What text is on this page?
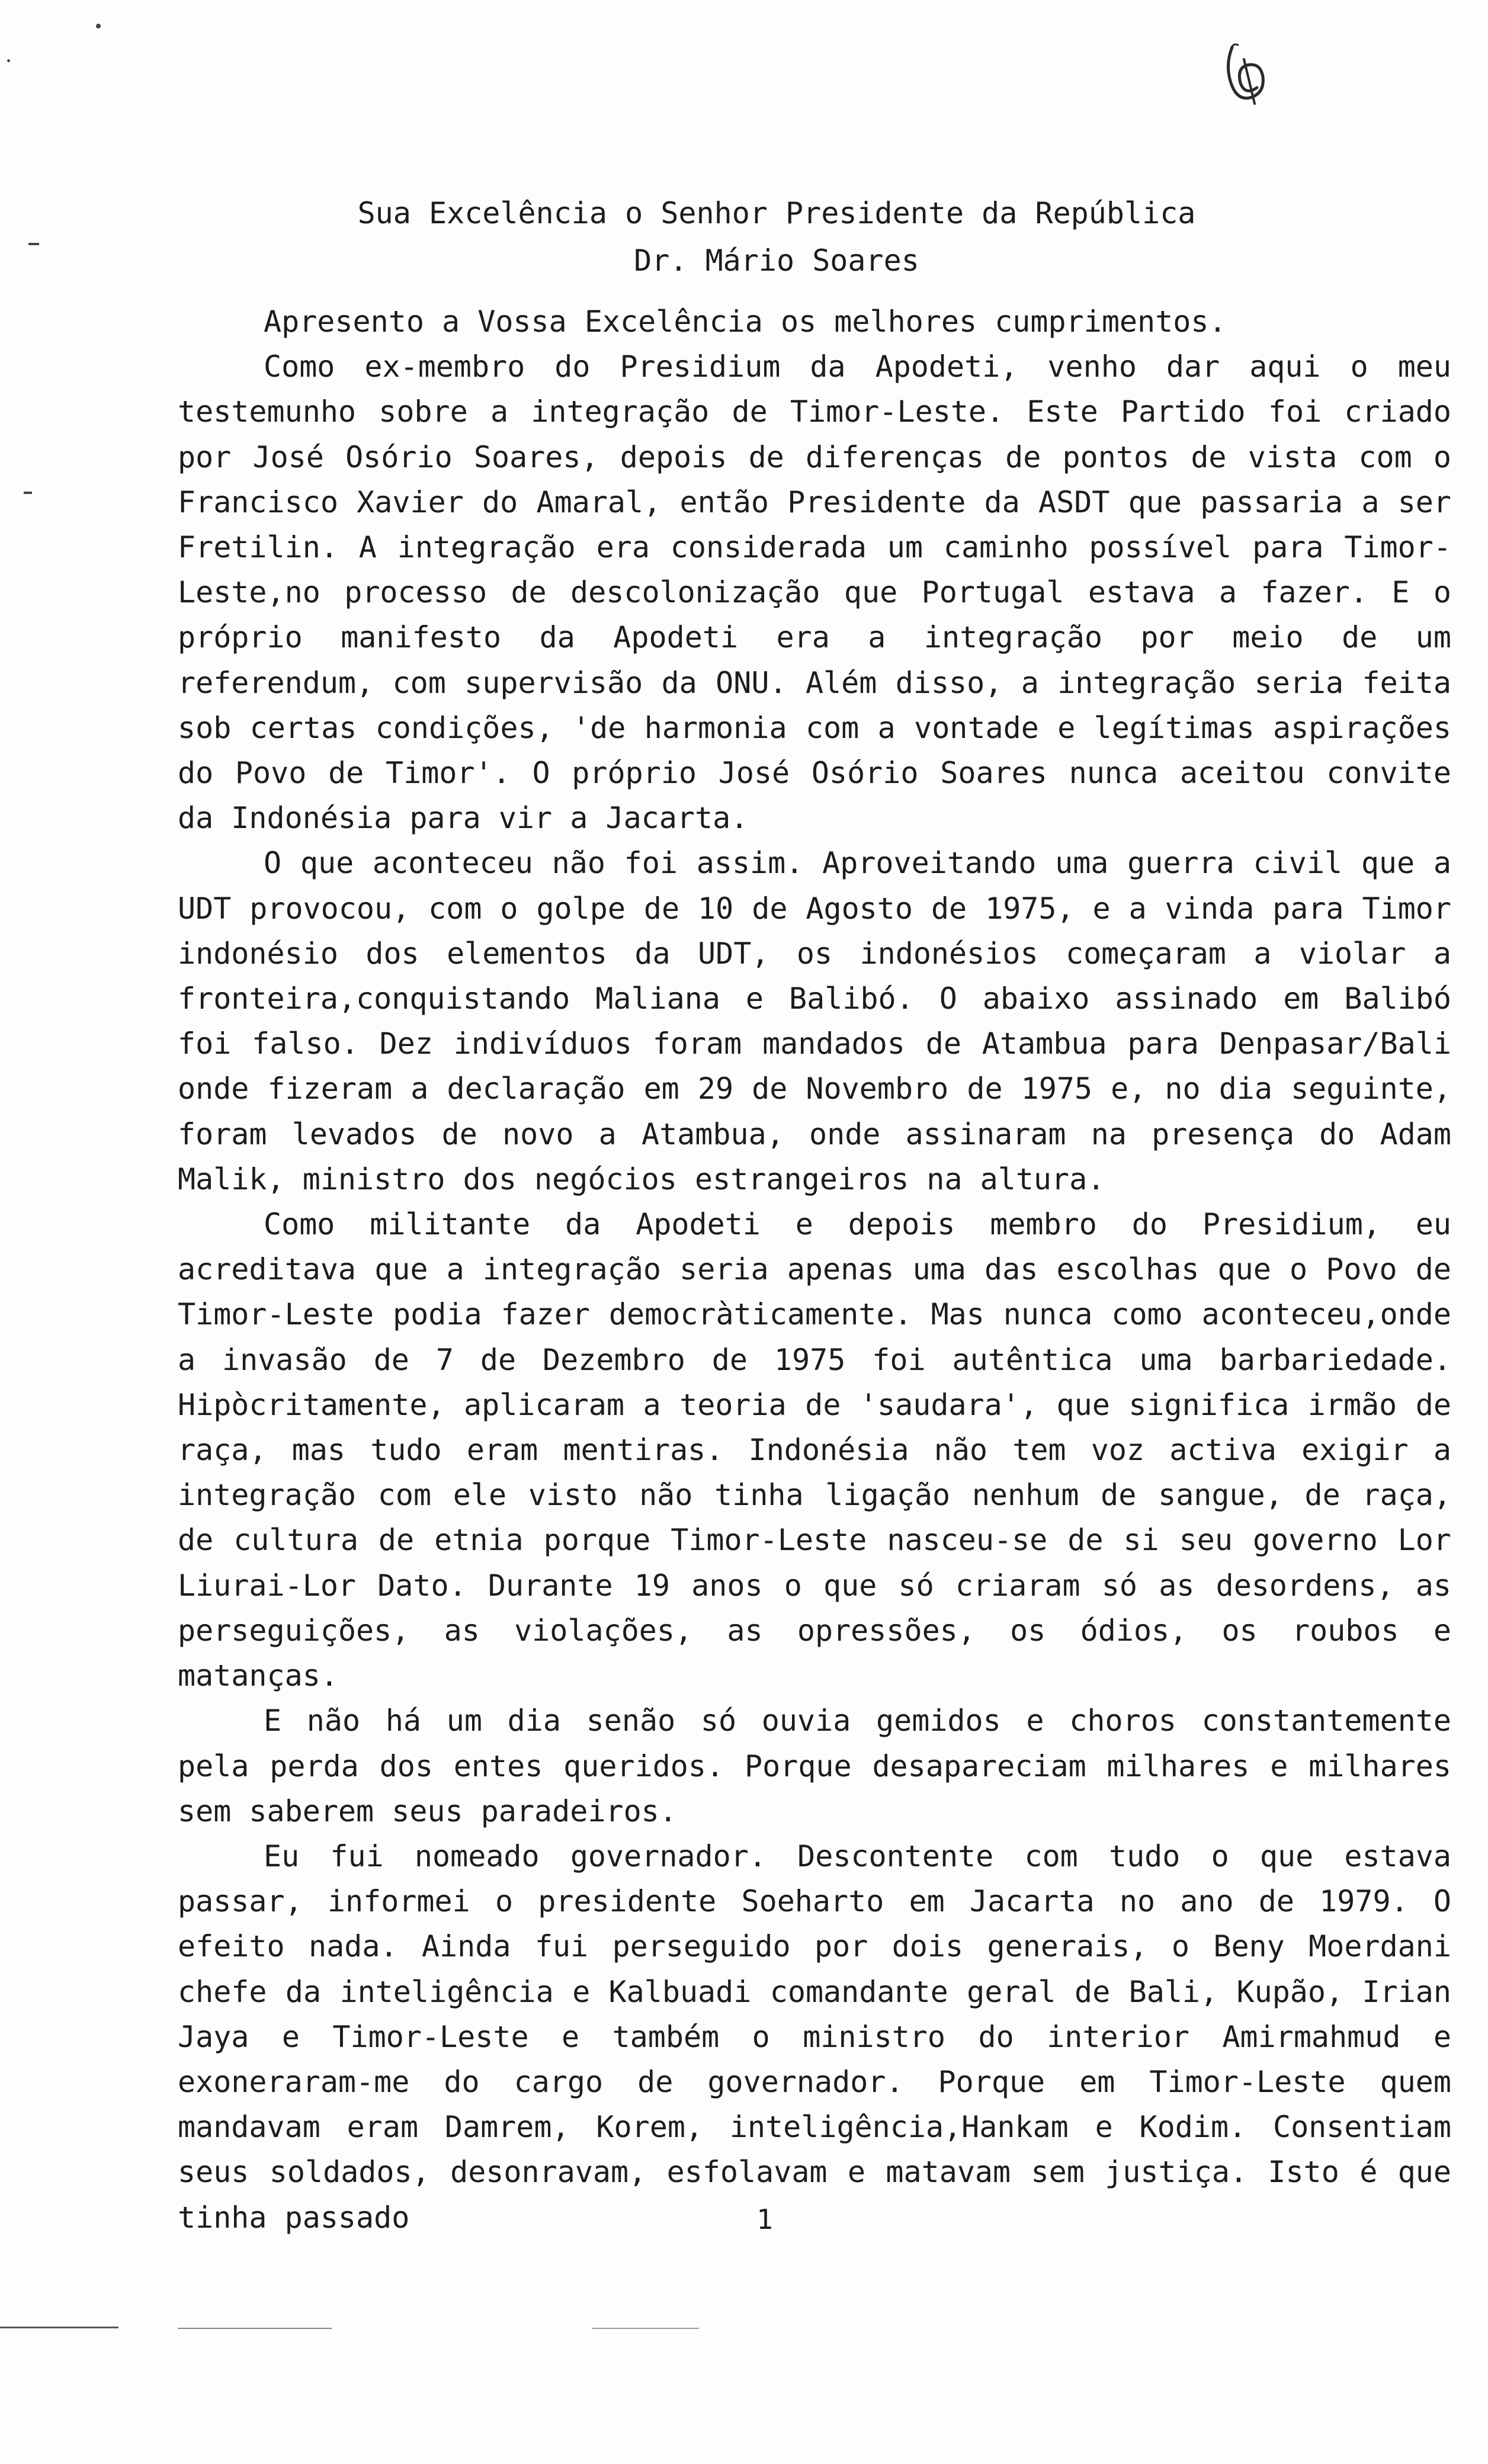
Sua Excelência o Senhor Presidente da República
Dr. Mário Soares

Apresento a Vossa Excelência os melhores cumprimentos.

Como ex-membro do Presidium da Apodeti, venho dar aqui o meu testemunho sobre a integração de Timor-Leste. Este Partido foi criado por José Osório Soares, depois de diferenças de pontos de vista com o Francisco Xavier do Amaral, então Presidente da ASDT que passaria a ser Fretilin. A integração era considerada um caminho possível para Timor-Leste,no processo de descolonização que Portugal estava a fazer. E o próprio manifesto da Apodeti era a integração por meio de um referendum, com supervisão da ONU. Além disso, a integração seria feita sob certas condições, 'de harmonia com a vontade e legítimas aspirações do Povo de Timor'. O próprio José Osório Soares nunca aceitou convite da Indonésia para vir a Jacarta.

O que aconteceu não foi assim. Aproveitando uma guerra civil que a UDT provocou, com o golpe de 10 de Agosto de 1975, e a vinda para Timor indonésio dos elementos da UDT, os indonésios começaram a violar a fronteira,conquistando Maliana e Balibó. O abaixo assinado em Balibó foi falso. Dez indivíduos foram mandados de Atambua para Denpasar/Bali onde fizeram a declaração em 29 de Novembro de 1975 e, no dia seguinte, foram levados de novo a Atambua, onde assinaram na presença do Adam Malik, ministro dos negócios estrangeiros na altura.

Como militante da Apodeti e depois membro do Presidium, eu acreditava que a integração seria apenas uma das escolhas que o Povo de Timor-Leste podia fazer democràticamente. Mas nunca como aconteceu,onde a invasão de 7 de Dezembro de 1975 foi autêntica uma barbariedade. Hipòcritamente, aplicaram a teoria de 'saudara', que significa irmão de raça, mas tudo eram mentiras. Indonésia não tem voz activa exigir a integração com ele visto não tinha ligação nenhum de sangue, de raça, de cultura de etnia porque Timor-Leste nasceu-se de si seu governo Lor Liurai-Lor Dato. Durante 19 anos o que só criaram só as desordens, as perseguições, as violações, as opressões, os ódios, os roubos e matanças.

E não há um dia senão só ouvia gemidos e choros constantemente pela perda dos entes queridos. Porque desapareciam milhares e milhares sem saberem seus paradeiros.

Eu fui nomeado governador. Descontente com tudo o que estava passar, informei o presidente Soeharto em Jacarta no ano de 1979. O efeito nada. Ainda fui perseguido por dois generais, o Beny Moerdani chefe da inteligência e Kalbuadi comandante geral de Bali, Kupão, Irian Jaya e Timor-Leste e também o ministro do interior Amirmahmud e exoneraram-me do cargo de governador. Porque em Timor-Leste quem mandavam eram Damrem, Korem, inteligência,Hankam e Kodim. Consentiam seus soldados, desonravam, esfolavam e matavam sem justiça. Isto é que tinha passado	1
